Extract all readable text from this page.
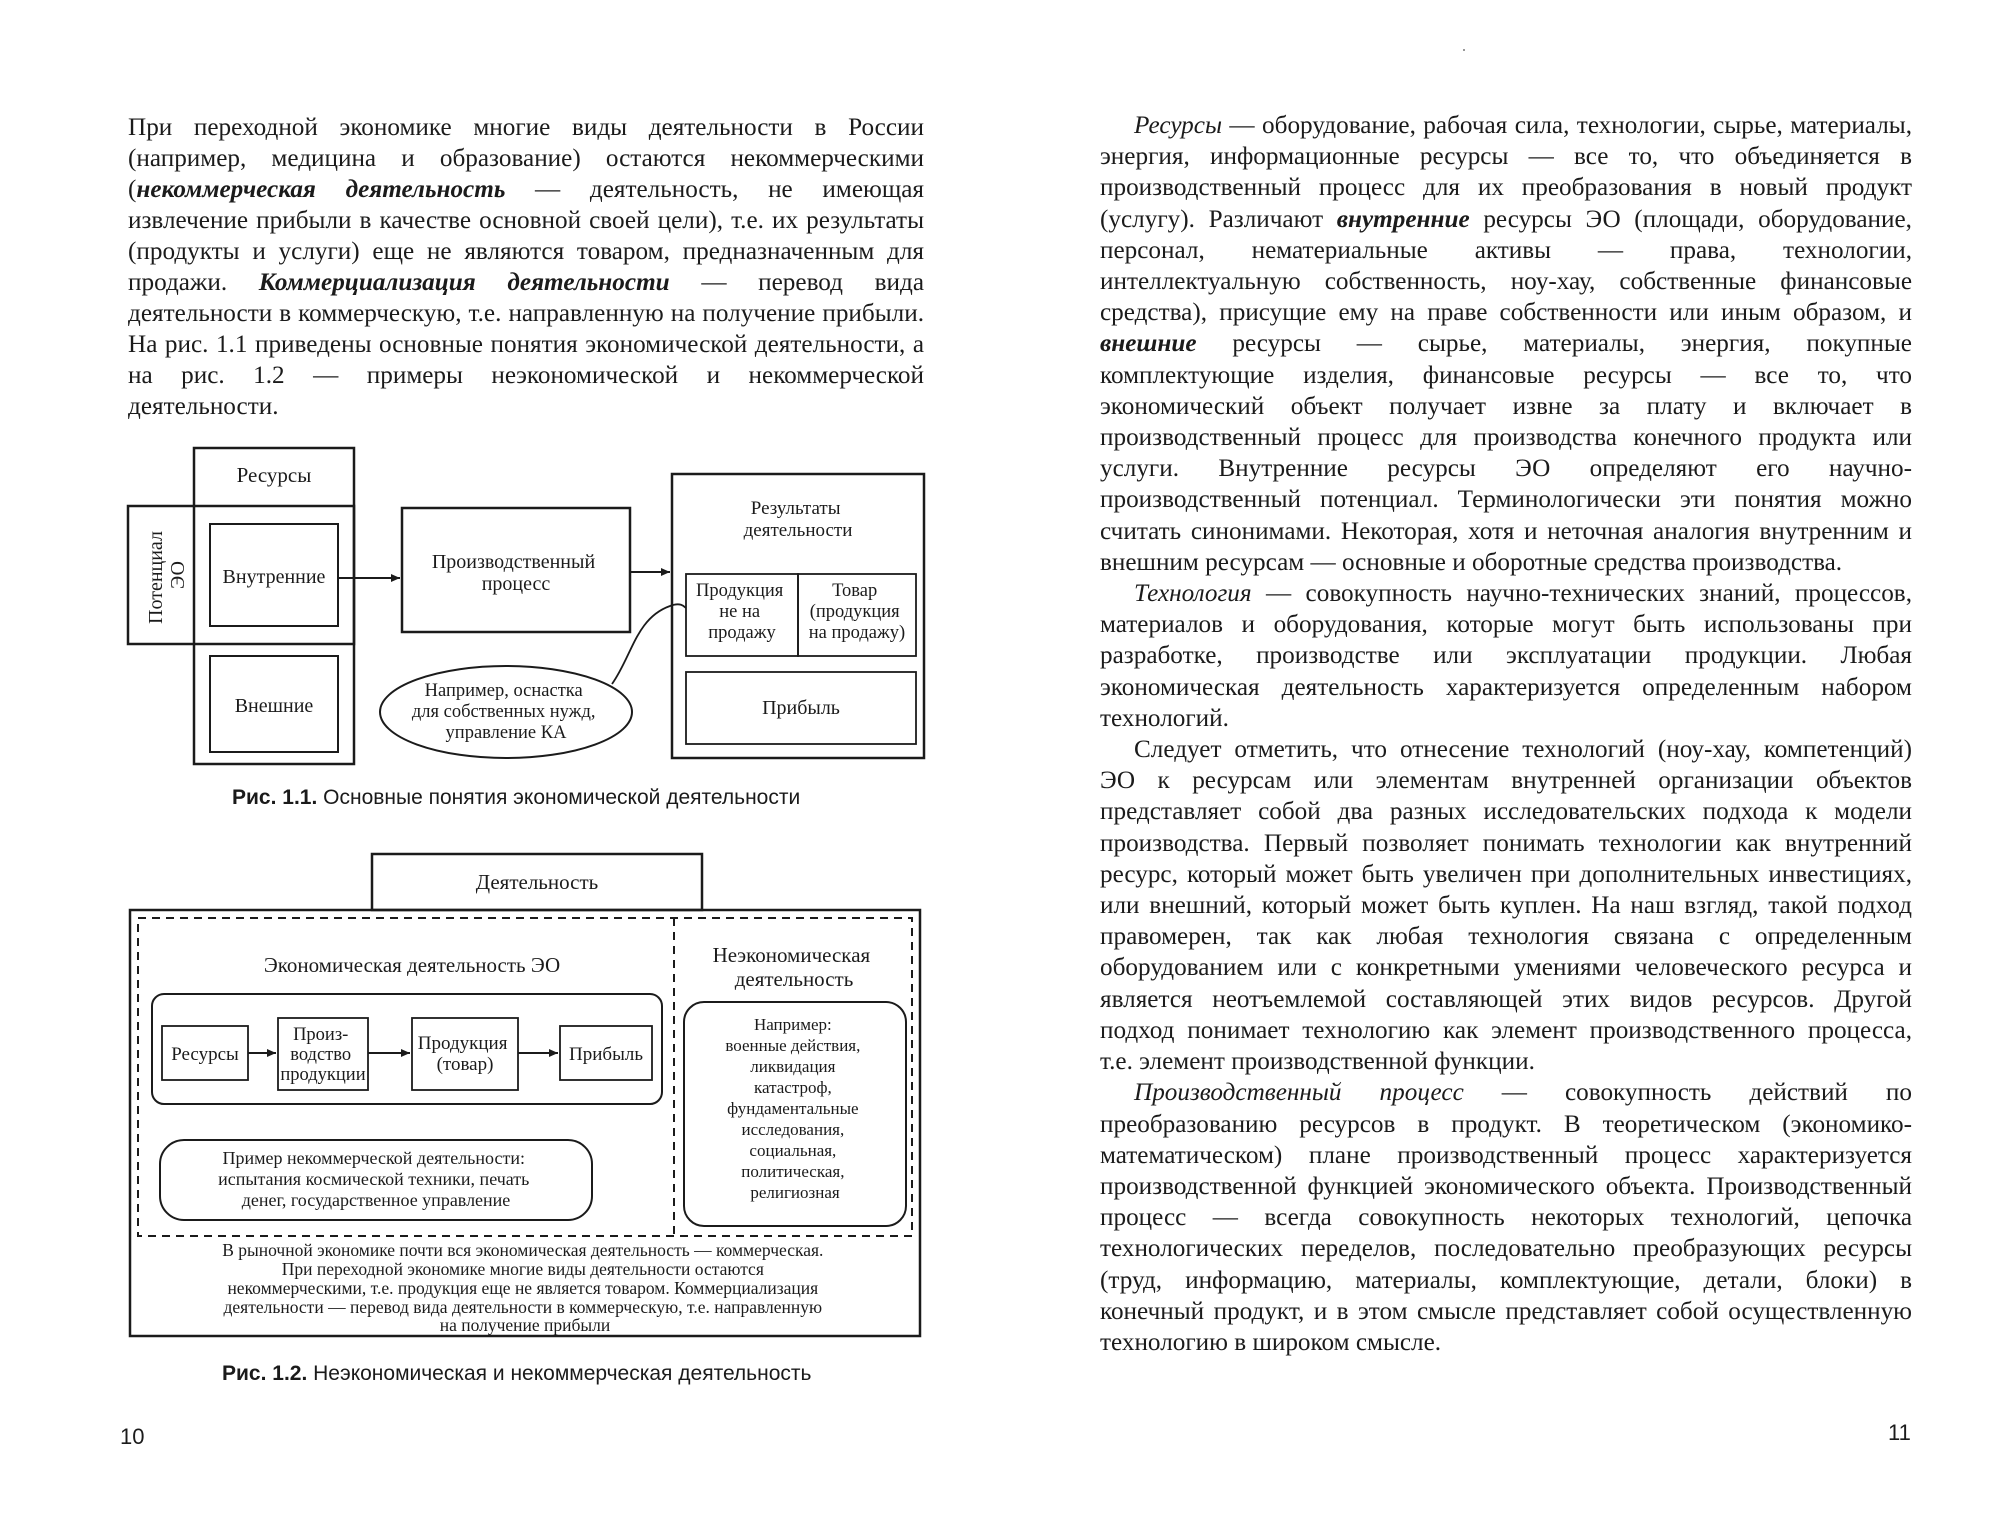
При переходной экономике многие виды деятельности в России (например, медицина и образование) остаются некоммерческими (некоммерческая деятельность — деятельность, не имеющая извлечение прибыли в качестве основной своей цели), т.е. их результаты (продукты и услуги) еще не являются товаром, предназначенным для продажи. Коммерциализация деятельности — перевод вида деятельности в коммерческую, т.е. направленную на получение прибыли. На рис. 1.1 приведены основные понятия экономической деятельности, а на рис. 1.2 — примеры неэкономической и некоммерческой деятельности.

Ресурсы
Потенциал ЭО Внутренние
Внешние
Производственный процесс
Результаты деятельности
Продукция не на продажу
Товар (продукция на продажу)
Прибыль
Например, оснастка для собственных нужд, управление КА

Рис. 1.1. Основные понятия экономической деятельности

Деятельность
Экономическая деятельность ЭО	Неэкономическая деятельность
Ресурсы
Произ- водство продукции
Продукция (товар)	Прибыль
Пример некоммерческой деятельности: испытания космической техники, печать денег, государственное управление
Например: военные действия, ликвидация катастроф, фундаментальные исследования, социальная, политическая, религиозная
В рыночной экономике почти вся экономическая деятельность — коммерческая. При переходной экономике многие виды деятельности остаются некоммерческими, т.е. продукция еще не является товаром. Коммерциализация деятельности — перевод вида деятельности в коммерческую, т.е. направленную на получение прибыли

Рис. 1.2. Неэкономическая и некоммерческая деятельность

10

Ресурсы — оборудование, рабочая сила, технологии, сырье, материалы, энергия, информационные ресурсы — все то, что объединяется в производственный процесс для их преобразования в новый продукт (услугу). Различают внутренние ресурсы ЭО (площади, оборудование, персонал, нематериальные активы — права, технологии, интеллектуальную собственность, ноу-хау, собственные финансовые средства), присущие ему на праве собственности или иным образом, и внешние ресурсы — сырье, материалы, энергия, покупные комплектующие изделия, финансовые ресурсы — все то, что экономический объект получает извне за плату и включает в производственный процесс для производства конечного продукта или услуги. Внутренние ресурсы ЭО определяют его научно-производственный потенциал. Терминологически эти понятия можно считать синонимами. Некоторая, хотя и неточная аналогия внутренним и внешним ресурсам — основные и оборотные средства производства.

Технология — совокупность научно-технических знаний, процессов, материалов и оборудования, которые могут быть использованы при разработке, производстве или эксплуатации продукции. Любая экономическая деятельность характеризуется определенным набором технологий.

Следует отметить, что отнесение технологий (ноу-хау, компетенций) ЭО к ресурсам или элементам внутренней организации объектов представляет собой два разных исследовательских подхода к модели производства. Первый позволяет понимать технологии как внутренний ресурс, который может быть увеличен при дополнительных инвестициях, или внешний, который может быть куплен. На наш взгляд, такой подход правомерен, так как любая технология связана с определенным оборудованием или с конкретными умениями человеческого ресурса и является неотъемлемой составляющей этих видов ресурсов. Другой подход понимает технологию как элемент производственного процесса, т.е. элемент производственной функции.

Производственный процесс — совокупность действий по преобразованию ресурсов в продукт. В теоретическом (экономико-математическом) плане производственный процесс характеризуется производственной функцией экономического объекта. Производственный процесс — всегда совокупность некоторых технологий, цепочка технологических переделов, последовательно преобразующих ресурсы (труд, информацию, материалы, комплектующие, детали, блоки) в конечный продукт, и в этом смысле представляет собой осуществленную технологию в широком смысле.

11
